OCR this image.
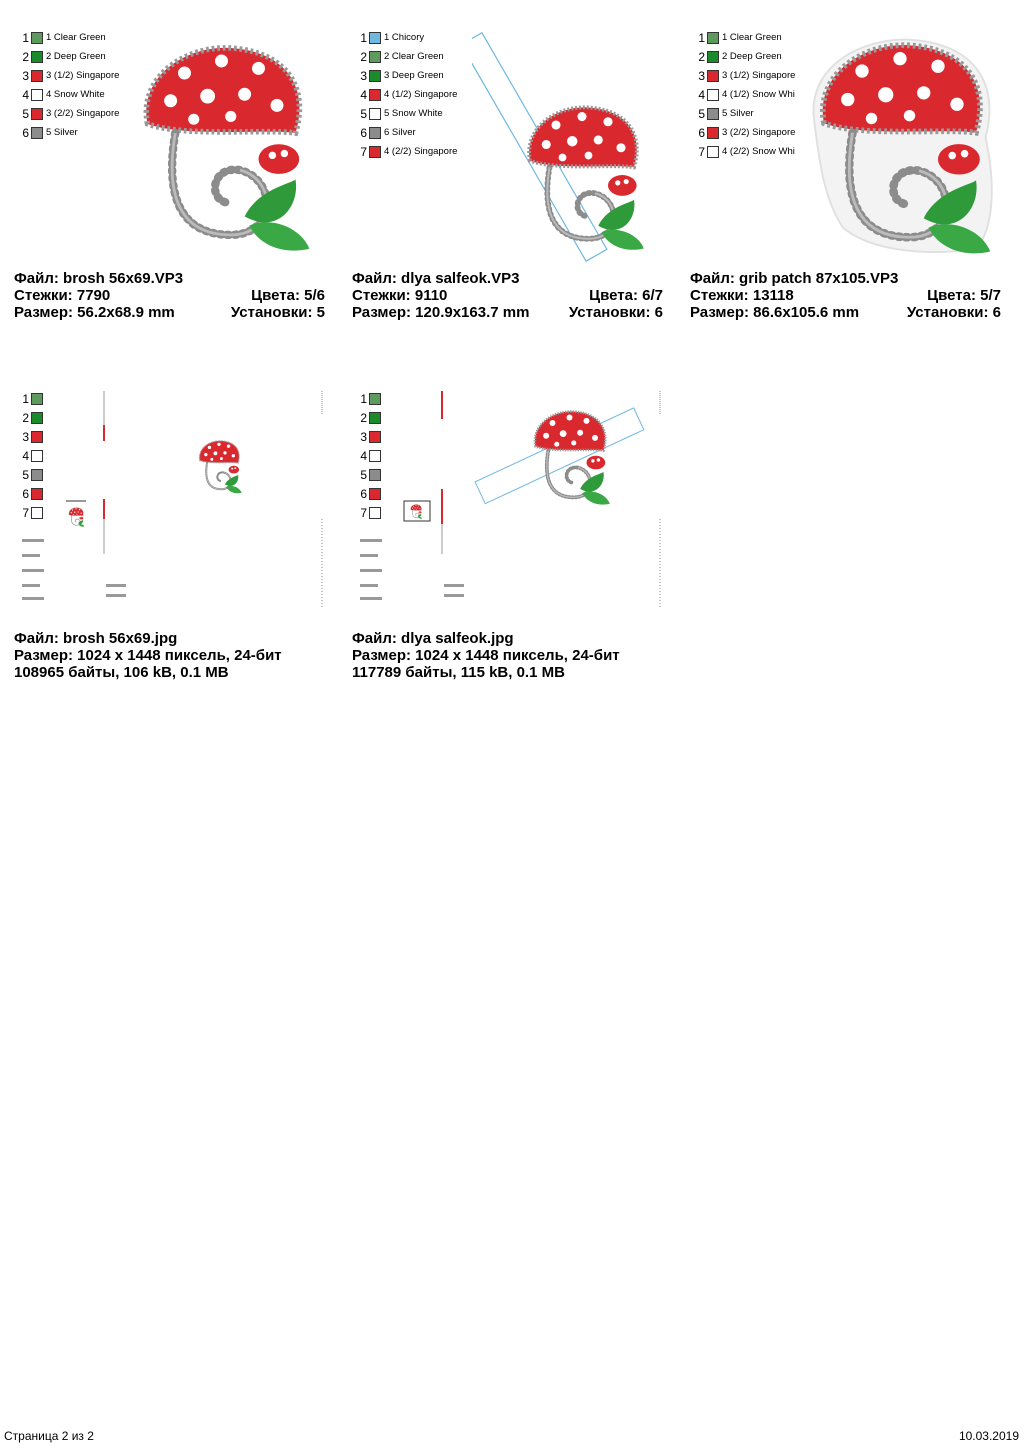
1 1 Clear Green
2 2 Deep Green
3 3 (1/2) Singapore
4 4 Snow White
5 3 (2/2) Singapore
6 5 Silver
Файл: brosh 56x69.VP3
Стежки: 7790	Цвета: 5/6
Размер: 56.2x68.9 mm	Установки: 5
1 1 Chicory
2 2 Clear Green
3 3 Deep Green
4 4 (1/2) Singapore
5 5 Snow White
6 6 Silver
7 4 (2/2) Singapore
Файл: dlya salfeok.VP3
Стежки: 9110	Цвета: 6/7
Размер: 120.9x163.7 mm	Установки: 6
1 1 Clear Green
2 2 Deep Green
3 3 (1/2) Singapore
4 4 (1/2) Snow Whi
5 5 Silver
6 3 (2/2) Singapore
7 4 (2/2) Snow Whi
Файл: grib patch 87x105.VP3
Стежки: 13118	Цвета: 5/7
Размер: 86.6x105.6 mm	Установки: 6
1
2
3
4
5
6
7
Файл: brosh 56x69.jpg
Размер: 1024 x 1448 пиксель, 24-бит
108965 байты, 106 kB, 0.1 MB
1
2
3
4
5
6
7
Файл: dlya salfeok.jpg
Размер: 1024 x 1448 пиксель, 24-бит
117789 байты, 115 kB, 0.1 MB
Страница 2 из 2	10.03.2019
